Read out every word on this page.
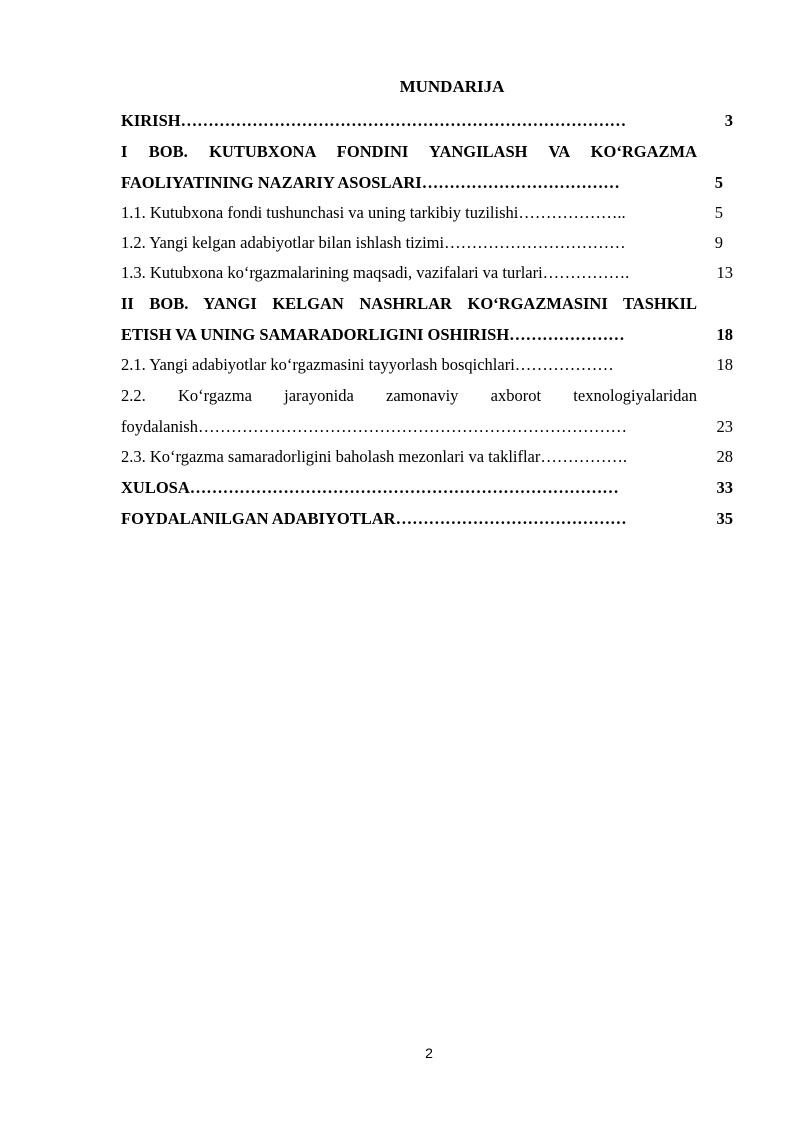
MUNDARIJA
KIRISH………………………………………………………………………	3
I BOB. KUTUBXONA FONDINI YANGILASH VA KO‘RGAZMA
FAOLIYATINING NAZARIY ASOSLARI………………………………	5
1.1. Kutubxona fondi tushunchasi va uning tarkibiy tuzilishi………………..	5
1.2. Yangi kelgan adabiyotlar bilan ishlash tizimi……………………………	9
1.3. Kutubxona ko‘rgazmalarining maqsadi, vazifalari va turlari…………….	13
II BOB. YANGI KELGAN NASHRLAR KO‘RGAZMASINI TASHKIL
ETISH VA UNING SAMARADORLIGINI OSHIRISH…………………	18
2.1. Yangi adabiyotlar ko‘rgazmasini tayyorlash bosqichlari………………	18
2.2. Ko‘rgazma jarayonida zamonaviy axborot texnologiyalaridan
foydalanish……………………………………………………………………	23
2.3. Ko‘rgazma samaradorligini baholash mezonlari va takliflar…………….	28
XULOSA……………………………………………………………………	33
FOYDALANILGAN ADABIYOTLAR……………………………………	35
2
